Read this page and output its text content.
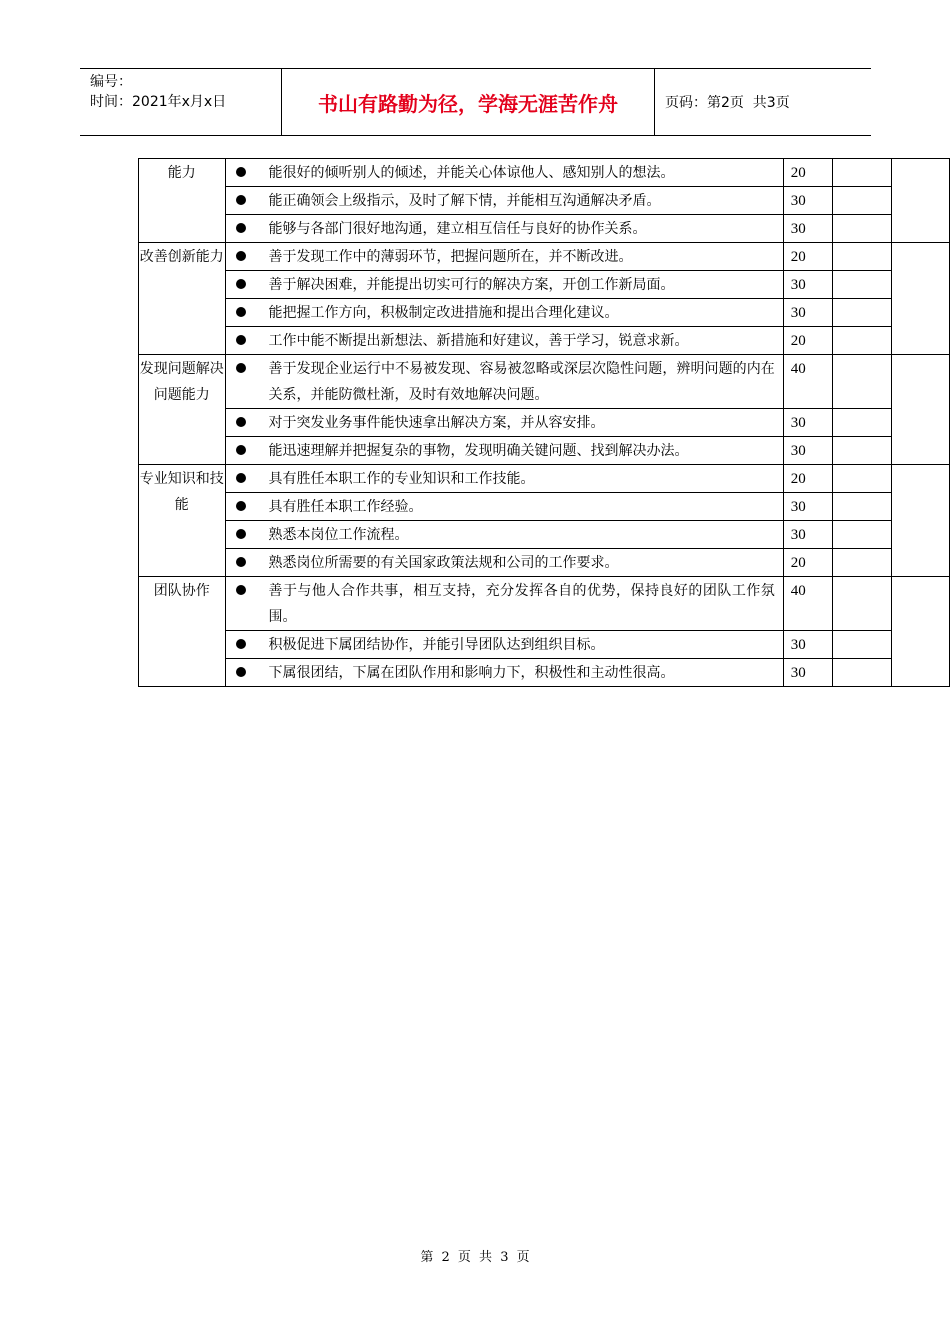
编号：
时间：2021年x月x日	书山有路勤为径，学海无涯苦作舟	页码：第2页  共3页
能力		能很好的倾听别人的倾述，并能关心体谅他人、感知别人的想法。	20		
		能正确领会上级指示，及时了解下情，并能相互沟通解决矛盾。	30		
		能够与各部门很好地沟通，建立相互信任与良好的协作关系。	30		
改善创新能力		善于发现工作中的薄弱环节，把握问题所在，并不断改进。	20		
		善于解决困难，并能提出切实可行的解决方案，开创工作新局面。	30		
		能把握工作方向，积极制定改进措施和提出合理化建议。	30		
		工作中能不断提出新想法、新措施和好建议，善于学习，锐意求新。	20		
发现问题解决问题能力		善于发现企业运行中不易被发现、容易被忽略或深层次隐性问题，辨明问题的内在关系，并能防微杜渐，及时有效地解决问题。	40		
		对于突发业务事件能快速拿出解决方案，并从容安排。	30		
		能迅速理解并把握复杂的事物，发现明确关键问题、找到解决办法。	30		
专业知识和技能		具有胜任本职工作的专业知识和工作技能。	20		
		具有胜任本职工作经验。	30		
		熟悉本岗位工作流程。	30		
		熟悉岗位所需要的有关国家政策法规和公司的工作要求。	20		
团队协作		善于与他人合作共事，相互支持，充分发挥各自的优势，保持良好的团队工作氛围。	40		
		积极促进下属团结协作，并能引导团队达到组织目标。	30		
		下属很团结，下属在团队作用和影响力下，积极性和主动性很高。	30		
第 2 页 共 3 页
